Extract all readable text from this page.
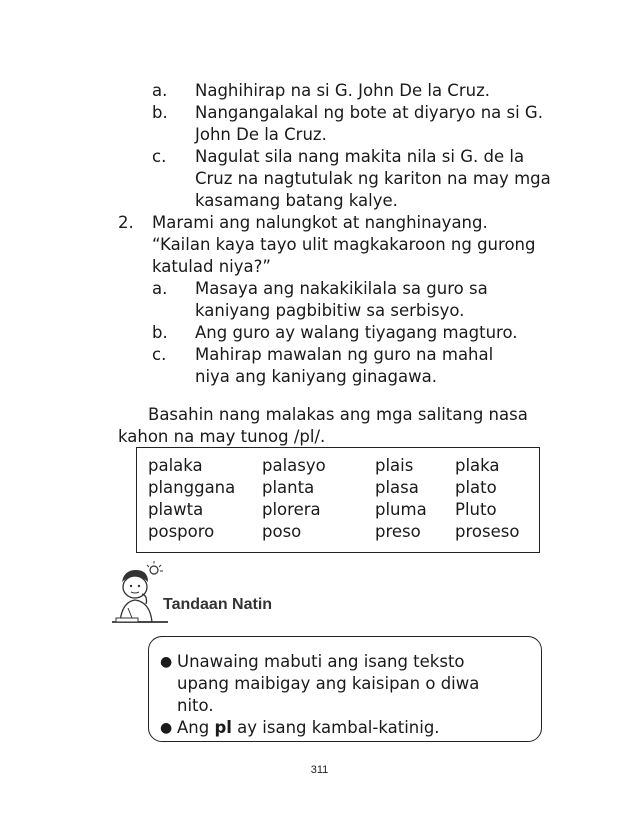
a. Naghihirap na si G. John De la Cruz.
b. Nangangalakal ng bote at diyaryo na si G.
John De la Cruz.
c. Nagulat sila nang makita nila si G. de la
Cruz na nagtutulak ng kariton na may mga
kasamang batang kalye.
2. Marami ang nalungkot at nanghinayang.
“Kailan kaya tayo ulit magkakaroon ng gurong
katulad niya?”
a. Masaya ang nakakikilala sa guro sa
kaniyang pagbibitiw sa serbisyo.
b. Ang guro ay walang tiyagang magturo.
c. Mahirap mawalan ng guro na mahal
niya ang kaniyang ginagawa.
Basahin nang malakas ang mga salitang nasa
kahon na may tunog /pl/.
palaka	palasyo	plais	plaka
planggana planta	plasa plato
plawta	plorera	pluma Pluto
posporo	poso	preso proseso
Tandaan Natin
● Unawaing mabuti ang isang teksto
upang maibigay ang kaisipan o diwa
nito.
● Ang pl ay isang kambal-katinig.
311
